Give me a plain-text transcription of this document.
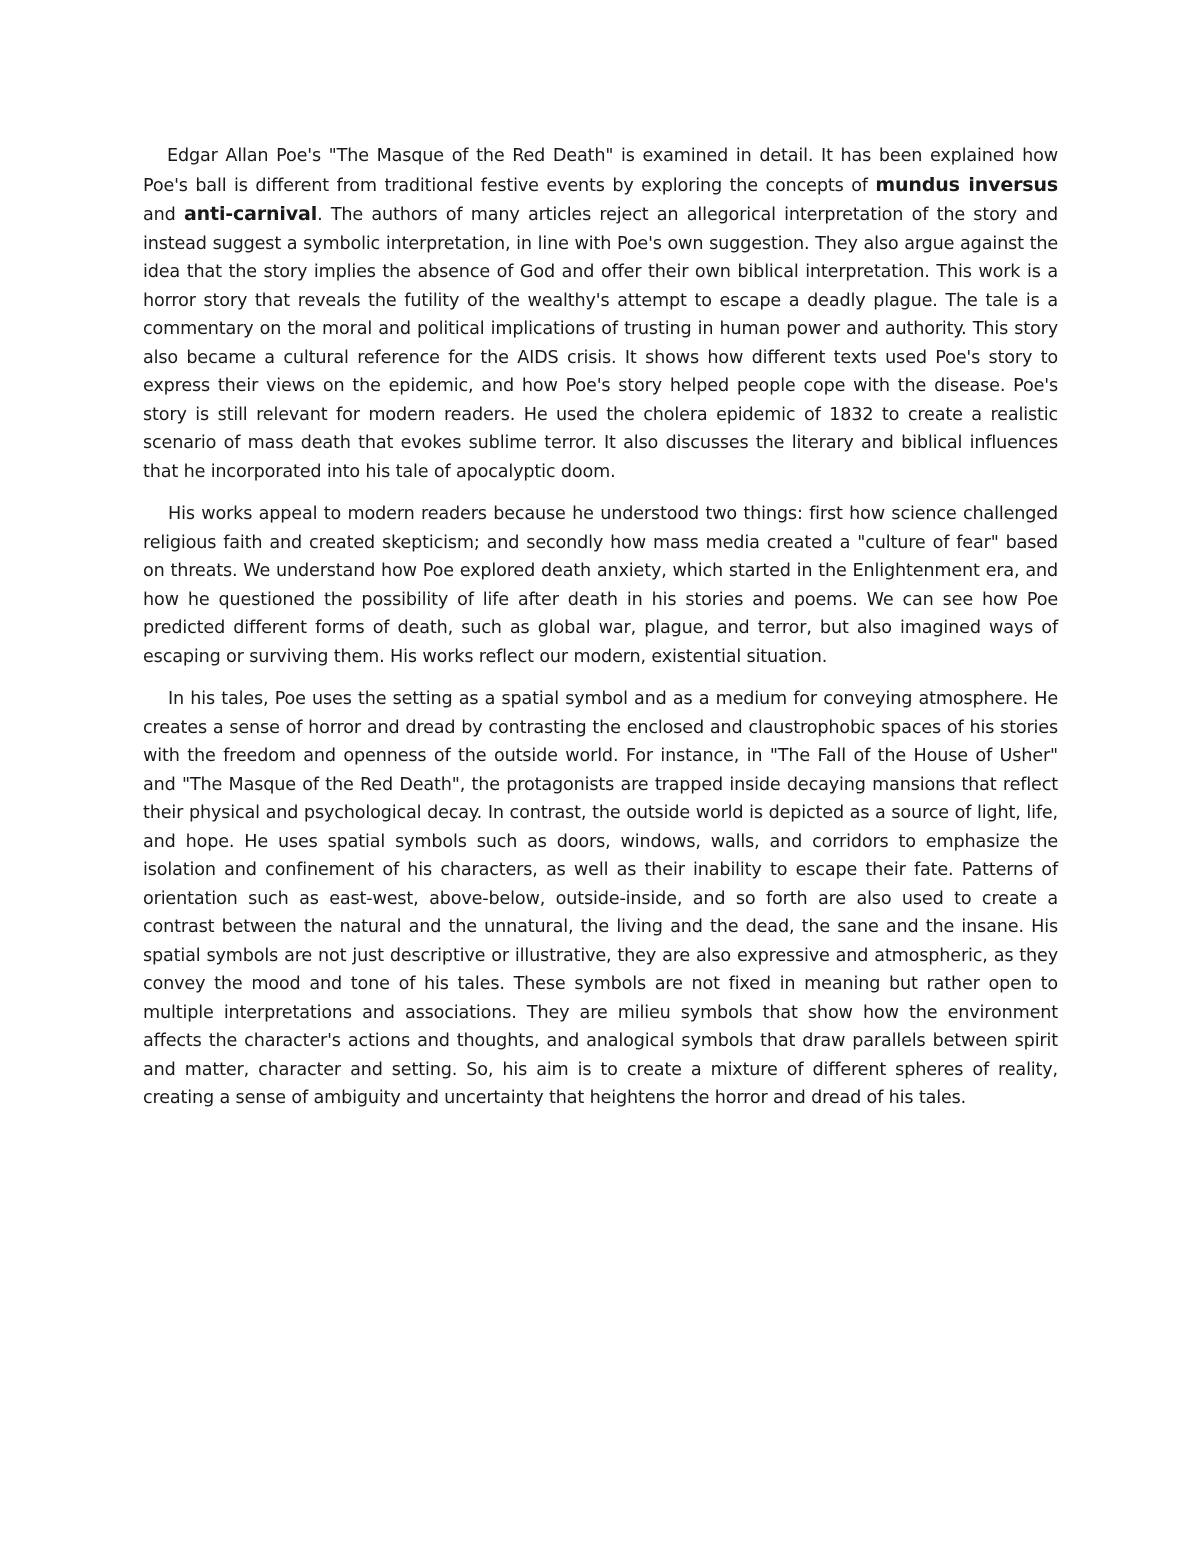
Edgar Allan Poe's "The Masque of the Red Death" is examined in detail. It has been explained how Poe's ball is different from traditional festive events by exploring the concepts of mundus inversus and anti-carnival. The authors of many articles reject an allegorical interpretation of the story and instead suggest a symbolic interpretation, in line with Poe's own suggestion. They also argue against the idea that the story implies the absence of God and offer their own biblical interpretation. This work is a horror story that reveals the futility of the wealthy's attempt to escape a deadly plague. The tale is a commentary on the moral and political implications of trusting in human power and authority. This story also became a cultural reference for the AIDS crisis. It shows how different texts used Poe's story to express their views on the epidemic, and how Poe's story helped people cope with the disease. Poe's story is still relevant for modern readers. He used the cholera epidemic of 1832 to create a realistic scenario of mass death that evokes sublime terror. It also discusses the literary and biblical influences that he incorporated into his tale of apocalyptic doom.

His works appeal to modern readers because he understood two things: first how science challenged religious faith and created skepticism; and secondly how mass media created a "culture of fear" based on threats. We understand how Poe explored death anxiety, which started in the Enlightenment era, and how he questioned the possibility of life after death in his stories and poems. We can see how Poe predicted different forms of death, such as global war, plague, and terror, but also imagined ways of escaping or surviving them. His works reflect our modern, existential situation.

In his tales, Poe uses the setting as a spatial symbol and as a medium for conveying atmosphere. He creates a sense of horror and dread by contrasting the enclosed and claustrophobic spaces of his stories with the freedom and openness of the outside world. For instance, in "The Fall of the House of Usher" and "The Masque of the Red Death", the protagonists are trapped inside decaying mansions that reflect their physical and psychological decay. In contrast, the outside world is depicted as a source of light, life, and hope. He uses spatial symbols such as doors, windows, walls, and corridors to emphasize the isolation and confinement of his characters, as well as their inability to escape their fate. Patterns of orientation such as east-west, above-below, outside-inside, and so forth are also used to create a contrast between the natural and the unnatural, the living and the dead, the sane and the insane. His spatial symbols are not just descriptive or illustrative, they are also expressive and atmospheric, as they convey the mood and tone of his tales. These symbols are not fixed in meaning but rather open to multiple interpretations and associations. They are milieu symbols that show how the environment affects the character's actions and thoughts, and analogical symbols that draw parallels between spirit and matter, character and setting. So, his aim is to create a mixture of different spheres of reality, creating a sense of ambiguity and uncertainty that heightens the horror and dread of his tales.
